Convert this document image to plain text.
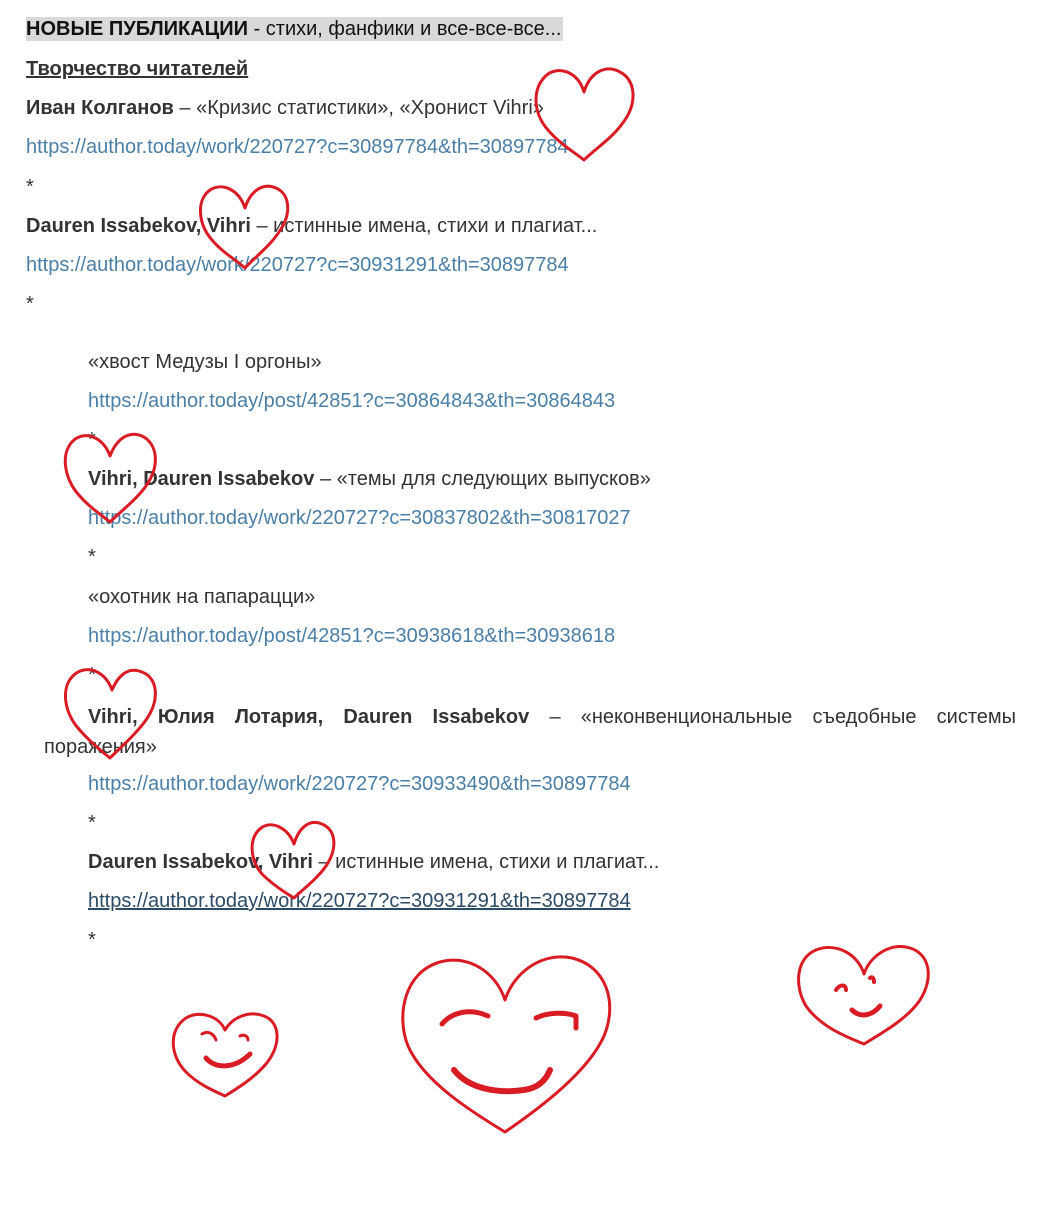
НОВЫЕ ПУБЛИКАЦИИ - стихи, фанфики и все-все-все...
Творчество читателей
Иван Колганов – «Кризис статистики», «Хронист Vihri»
https://author.today/work/220727?c=30897784&th=30897784
*
Dauren Issabekov, Vihri – истинные имена, стихи и плагиат...
https://author.today/work/220727?c=30931291&th=30897784
*
«хвост Медузы I оргоны»
https://author.today/post/42851?c=30864843&th=30864843
*
Vihri, Dauren Issabekov – «темы для следующих выпусков»
https://author.today/work/220727?c=30837802&th=30817027
*
«охотник на папарацци»
https://author.today/post/42851?c=30938618&th=30938618
*
Vihri, Юлия Лотария, Dauren Issabekov – «неконвенциональные съедобные системы поражения»
https://author.today/work/220727?c=30933490&th=30897784
*
Dauren Issabekov, Vihri – истинные имена, стихи и плагиат...
https://author.today/work/220727?c=30931291&th=30897784
*
